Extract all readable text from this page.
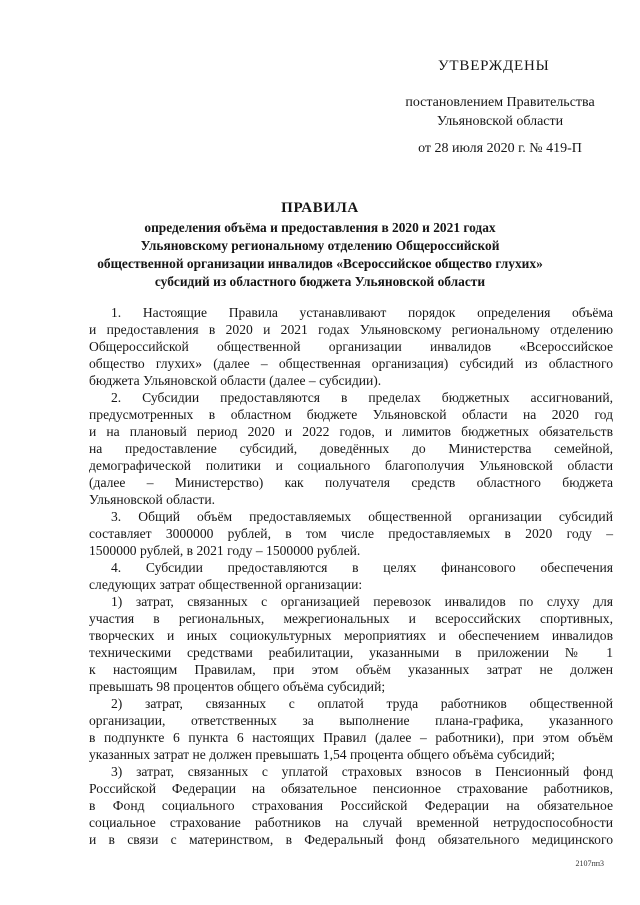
УТВЕРЖДЕНЫ
постановлением Правительства
Ульяновской области
от 28 июля 2020 г. № 419-П
ПРАВИЛА
определения объёма и предоставления в 2020 и 2021 годах
Ульяновскому региональному отделению Общероссийской
общественной организации инвалидов «Всероссийское общество глухих»
субсидий из областного бюджета Ульяновской области
1. Настоящие Правила устанавливают порядок определения объёма
и предоставления в 2020 и 2021 годах Ульяновскому региональному отделению
Общероссийской общественной организации инвалидов «Всероссийское
общество глухих» (далее – общественная организация) субсидий из областного
бюджета Ульяновской области (далее – субсидии).
2. Субсидии предоставляются в пределах бюджетных ассигнований,
предусмотренных в областном бюджете Ульяновской области на 2020 год
и на плановый период 2020 и 2022 годов, и лимитов бюджетных обязательств
на предоставление субсидий, доведённых до Министерства семейной,
демографической политики и социального благополучия Ульяновской области
(далее – Министерство) как получателя средств областного бюджета
Ульяновской области.
3. Общий объём предоставляемых общественной организации субсидий
составляет 3000000 рублей, в том числе предоставляемых в 2020 году –
1500000 рублей, в 2021 году – 1500000 рублей.
4. Субсидии предоставляются в целях финансового обеспечения
следующих затрат общественной организации:
1) затрат, связанных с организацией перевозок инвалидов по слуху для
участия в региональных, межрегиональных и всероссийских спортивных,
творческих и иных социокультурных мероприятиях и обеспечением инвалидов
техническими средствами реабилитации, указанными в приложении № 1
к настоящим Правилам, при этом объём указанных затрат не должен
превышать 98 процентов общего объёма субсидий;
2) затрат, связанных с оплатой труда работников общественной
организации, ответственных за выполнение плана-графика, указанного
в подпункте 6 пункта 6 настоящих Правил (далее – работники), при этом объём
указанных затрат не должен превышать 1,54 процента общего объёма субсидий;
3) затрат, связанных с уплатой страховых взносов в Пенсионный фонд
Российской Федерации на обязательное пенсионное страхование работников,
в Фонд социального страхования Российской Федерации на обязательное
социальное страхование работников на случай временной нетрудоспособности
и в связи с материнством, в Федеральный фонд обязательного медицинского
2107пп3
